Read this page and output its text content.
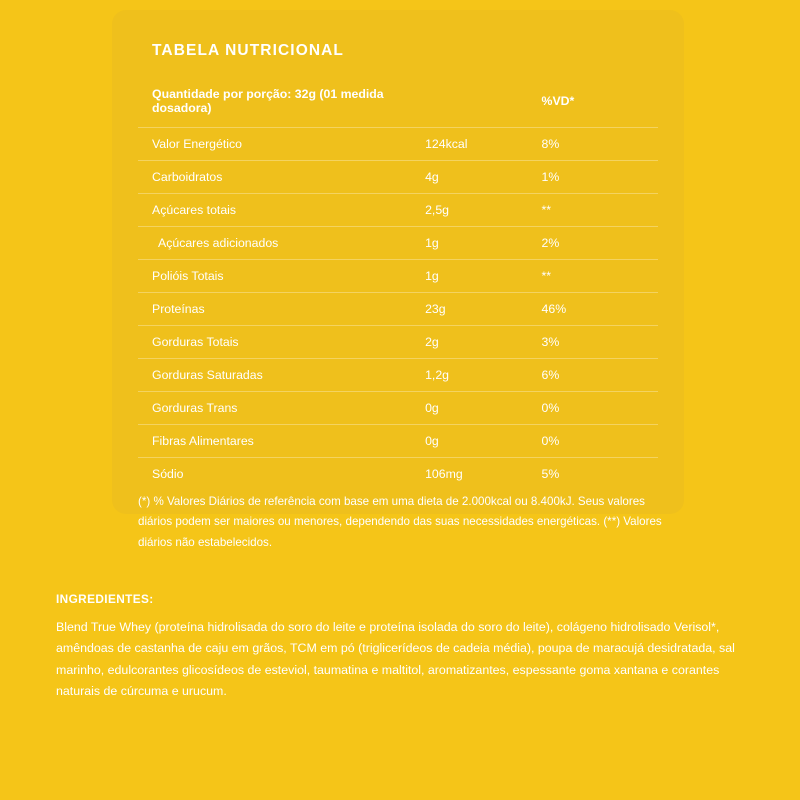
TABELA NUTRICIONAL
Quantidade por porção: 32g (01 medida dosadora)		%VD*
Valor Energético	124kcal	8%
Carboidratos	4g	1%
Açúcares totais	2,5g	**
Açúcares adicionados	1g	2%
Polióis Totais	1g	**
Proteínas	23g	46%
Gorduras Totais	2g	3%
Gorduras Saturadas	1,2g	6%
Gorduras Trans	0g	0%
Fibras Alimentares	0g	0%
Sódio	106mg	5%

(*) % Valores Diários de referência com base em uma dieta de 2.000kcal ou 8.400kJ. Seus valores diários podem ser maiores ou menores, dependendo das suas necessidades energéticas. (**) Valores diários não estabelecidos.

INGREDIENTES:
Blend True Whey (proteína hidrolisada do soro do leite e proteína isolada do soro do leite), colágeno hidrolisado Verisol*, amêndoas de castanha de caju em grãos, TCM em pó (triglicerídeos de cadeia média), poupa de maracujá desidratada, sal marinho, edulcorantes glicosídeos de esteviol, taumatina e maltitol, aromatizantes, espessante goma xantana e corantes naturais de cúrcuma e urucum.
